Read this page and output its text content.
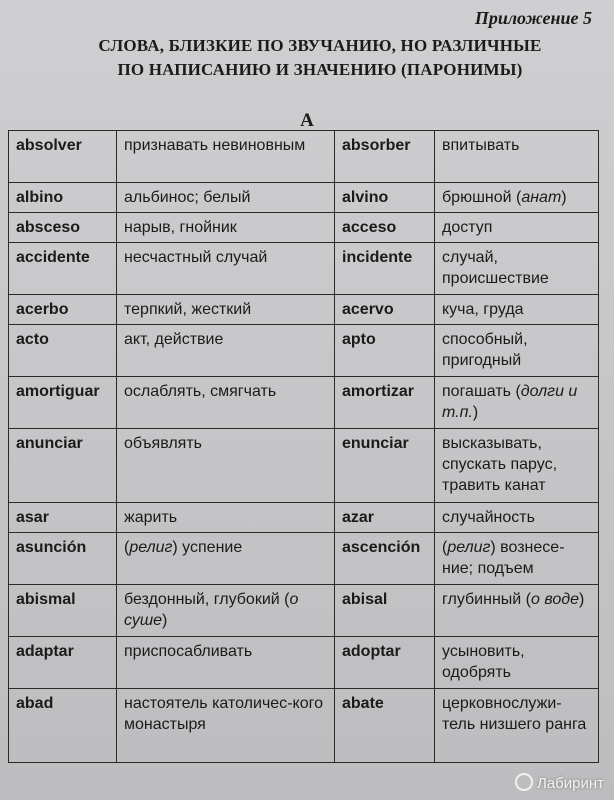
Приложение 5
СЛОВА, БЛИЗКИЕ ПО ЗВУЧАНИЮ, НО РАЗЛИЧНЫЕ
ПО НАПИСАНИЮ И ЗНАЧЕНИЮ (ПАРОНИМЫ)
А
absolver	признавать невиновным	absorber	впитывать
albino	альбинос; белый	alvino	брюшной (анат)
absceso	нарыв, гнойник	acceso	доступ
accidente	несчастный случай	incidente	случай, происшествие
acerbo	терпкий, жесткий	acervo	куча, груда
acto	акт, действие	apto	способный, пригодный
amortiguar	ослаблять, смягчать	amortizar	погашать (долги и т.п.)
anunciar	объявлять	enunciar	высказывать, спускать парус, травить канат
asar	жарить	azar	случайность
asunción	(религ) успение	ascención	(религ) вознесе-ние; подъем
abismal	бездонный, глубокий (о суше)	abisal	глубинный (о воде)
adaptar	приспосабливать	adoptar	усыновить, одобрять
abad	настоятель католичес-кого монастыря	abate	церковнослужи-тель низшего ранга
Лабиринт
